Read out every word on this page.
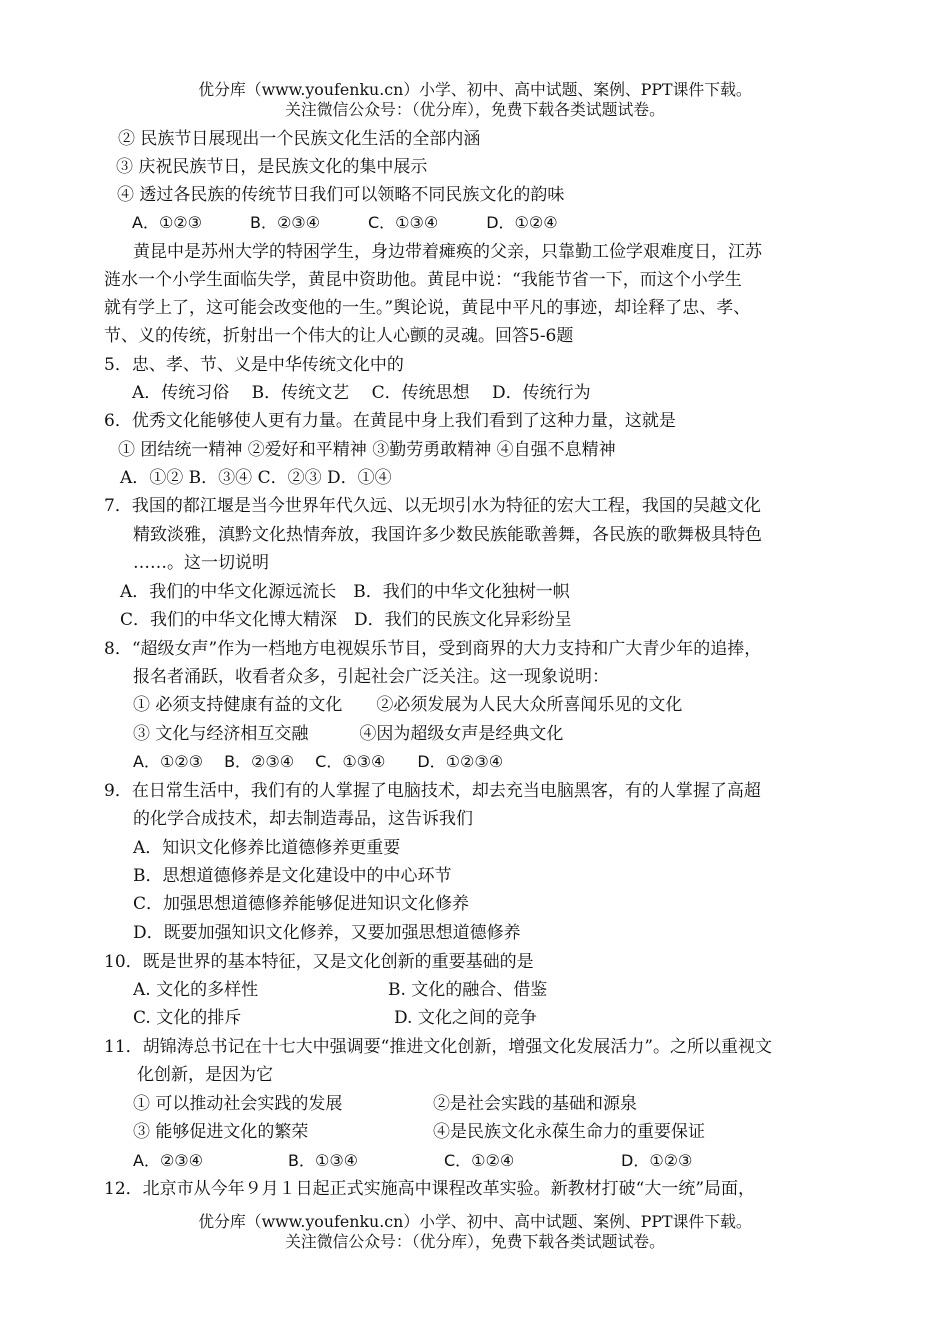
优分库（www.youfenku.cn）小学、初中、高中试题、案例、PPT课件下载。
关注微信公众号：（优分库），免费下载各类试题试卷。
② 民族节日展现出一个民族文化生活的全部内涵
③ 庆祝民族节日，是民族文化的集中展示
④ 透过各民族的传统节日我们可以领略不同民族文化的韵味
A．①②③　　　B．②③④　　　C．①③④　　　D．①②④
黄昆中是苏州大学的特困学生，身边带着瘫痪的父亲，只靠勤工俭学艰难度日，江苏
涟水一个小学生面临失学，黄昆中资助他。黄昆中说：“我能节省一下，而这个小学生
就有学上了，这可能会改变他的一生。”舆论说，黄昆中平凡的事迹，却诠释了忠、孝、
节、义的传统，折射出一个伟大的让人心颤的灵魂。回答5-6题
5．忠、孝、节、义是中华传统文化中的
A．传统习俗　 B．传统文艺　 C．传统思想　 D．传统行为
6．优秀文化能够使人更有力量。在黄昆中身上我们看到了这种力量，这就是
① 团结统一精神 ②爱好和平精神 ③勤劳勇敢精神 ④自强不息精神
A．①② B．③④ C．②③ D．①④
7．我国的都江堰是当今世界年代久远、以无坝引水为特征的宏大工程，我国的吴越文化
精致淡雅，滇黔文化热情奔放，我国许多少数民族能歌善舞，各民族的歌舞极具特色
……。这一切说明
A．我们的中华文化源远流长　B．我们的中华文化独树一帜
C．我们的中华文化博大精深　D．我们的民族文化异彩纷呈
8．“超级女声”作为一档地方电视娱乐节目，受到商界的大力支持和广大青少年的追捧，
报名者涌跃，收看者众多，引起社会广泛关注。这一现象说明：
① 必须支持健康有益的文化　　②必须发展为人民大众所喜闻乐见的文化
③ 文化与经济相互交融　　　④因为超级女声是经典文化
A．①②③　 B．②③④　 C．①③④　　D．①②③④
9．在日常生活中，我们有的人掌握了电脑技术，却去充当电脑黑客，有的人掌握了高超
的化学合成技术，却去制造毒品，这告诉我们
A．知识文化修养比道德修养更重要
B．思想道德修养是文化建设中的中心环节
C．加强思想道德修养能够促进知识文化修养
D．既要加强知识文化修养，又要加强思想道德修养
10．既是世界的基本特征，又是文化创新的重要基础的是
A. 文化的多样性	B. 文化的融合、借鉴
C. 文化的排斥	D. 文化之间的竞争
11．胡锦涛总书记在十七大中强调要“推进文化创新，增强文化发展活力”。之所以重视文
化创新，是因为它
① 可以推动社会实践的发展	②是社会实践的基础和源泉
③ 能够促进文化的繁荣	④是民族文化永葆生命力的重要保证
A．②③④	B．①③④	C．①②④	D．①②③
12．北京市从今年９月１日起正式实施高中课程改革实验。新教材打破“大一统”局面，
优分库（www.youfenku.cn）小学、初中、高中试题、案例、PPT课件下载。
关注微信公众号：（优分库），免费下载各类试题试卷。
